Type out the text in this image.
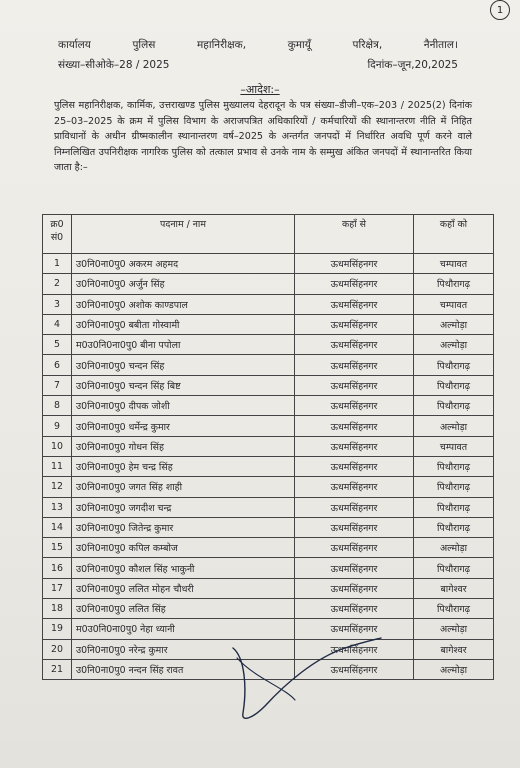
1
कार्यालय	पुलिस	महानिरीक्षक,	कुमायूँ	परिक्षेत्र,	नैनीताल।
संख्या–सीओके–28 / 2025	दिनांक–जून,20,2025
–आदेश:–
पुलिस महानिरीक्षक, कार्मिक, उत्तराखण्ड पुलिस मुख्यालय देहरादून के पत्र संख्या–डीजी–एक–203 / 2025(2) दिनांक 25–03–2025 के क्रम में पुलिस विभाग के अराजपत्रित अधिकारियों / कर्मचारियों की स्थानान्तरण नीति में निहित प्राविधानों के अधीन ग्रीष्मकालीन स्थानान्तरण वर्ष–2025 के अन्तर्गत जनपदों में निर्धारित अवधि पूर्ण करने वाले निम्नलिखित उपनिरीक्षक नागरिक पुलिस को तत्काल प्रभाव से उनके नाम के सम्मुख अंकित जनपदों में स्थानान्तरित किया जाता है:–
क्र0 सं0	पदनाम / नाम	कहाँ से	कहाँ को
1	उ0नि0ना0पु0 अकरम अहमद	ऊधमसिंहनगर	चम्पावत
2	उ0नि0ना0पु0 अर्जुन सिंह	ऊधमसिंहनगर	पिथौरागढ़
3	उ0नि0ना0पु0 अशोक काण्डपाल	ऊधमसिंहनगर	चम्पावत
4	उ0नि0ना0पु0 बबीता गोस्वामी	ऊधमसिंहनगर	अल्मोड़ा
5	म0उ0नि0ना0पु0 बीना पपोला	ऊधमसिंहनगर	अल्मोड़ा
6	उ0नि0ना0पु0 चन्दन सिंह	ऊधमसिंहनगर	पिथौरागढ़
7	उ0नि0ना0पु0 चन्दन सिंह बिष्ट	ऊधमसिंहनगर	पिथौरागढ़
8	उ0नि0ना0पु0 दीपक जोशी	ऊधमसिंहनगर	पिथौरागढ़
9	उ0नि0ना0पु0 धर्मेन्द्र कुमार	ऊधमसिंहनगर	अल्मोड़ा
10	उ0नि0ना0पु0 गोधन सिंह	ऊधमसिंहनगर	चम्पावत
11	उ0नि0ना0पु0 हेम चन्द्र सिंह	ऊधमसिंहनगर	पिथौरागढ़
12	उ0नि0ना0पु0 जगत सिंह शाही	ऊधमसिंहनगर	पिथौरागढ़
13	उ0नि0ना0पु0 जगदीश चन्द्र	ऊधमसिंहनगर	पिथौरागढ़
14	उ0नि0ना0पु0 जितेन्द्र कुमार	ऊधमसिंहनगर	पिथौरागढ़
15	उ0नि0ना0पु0 कपिल कम्बोज	ऊधमसिंहनगर	अल्मोड़ा
16	उ0नि0ना0पु0 कौशल सिंह भाकुनी	ऊधमसिंहनगर	पिथौरागढ़
17	उ0नि0ना0पु0 ललित मोहन चौधरी	ऊधमसिंहनगर	बागेश्वर
18	उ0नि0ना0पु0 ललित सिंह	ऊधमसिंहनगर	पिथौरागढ़
19	म0उ0नि0ना0पु0 नेहा ध्यानी	ऊधमसिंहनगर	अल्मोड़ा
20	उ0नि0ना0पु0 नरेन्द्र कुमार	ऊधमसिंहनगर	बागेश्वर
21	उ0नि0ना0पु0 नन्दन सिंह रावत	ऊधमसिंहनगर	अल्मोड़ा
